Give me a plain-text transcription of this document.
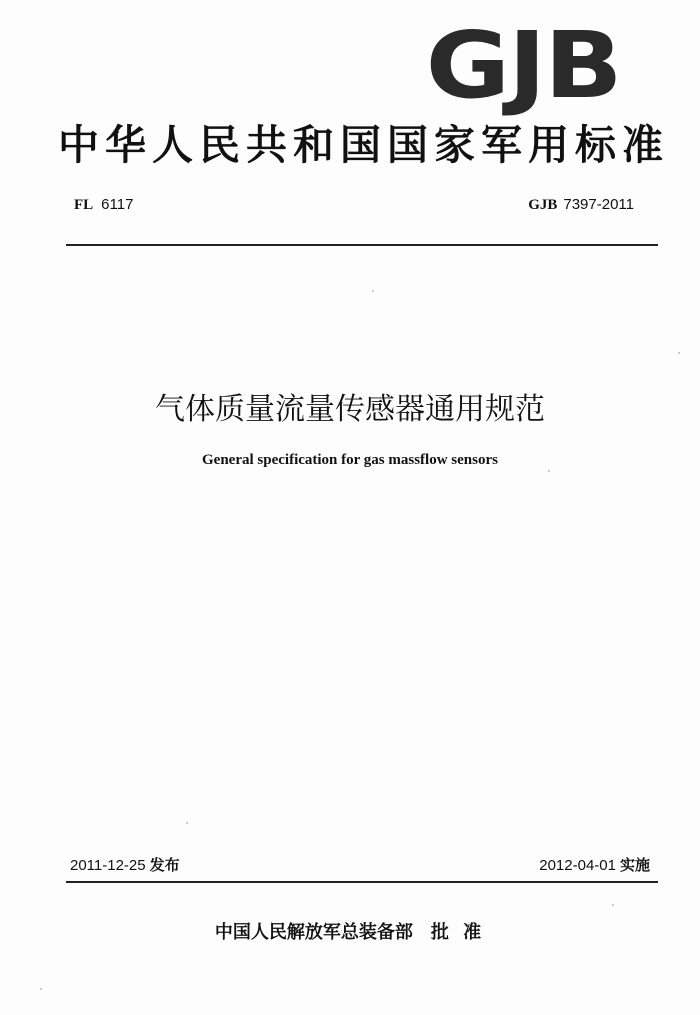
GJB
中华人民共和国国家军用标准
FL 6117	GJB 7397-2011
气体质量流量传感器通用规范
General specification for gas massflow sensors
2011-12-25 发布	2012-04-01 实施
中国人民解放军总装备部 批 准
